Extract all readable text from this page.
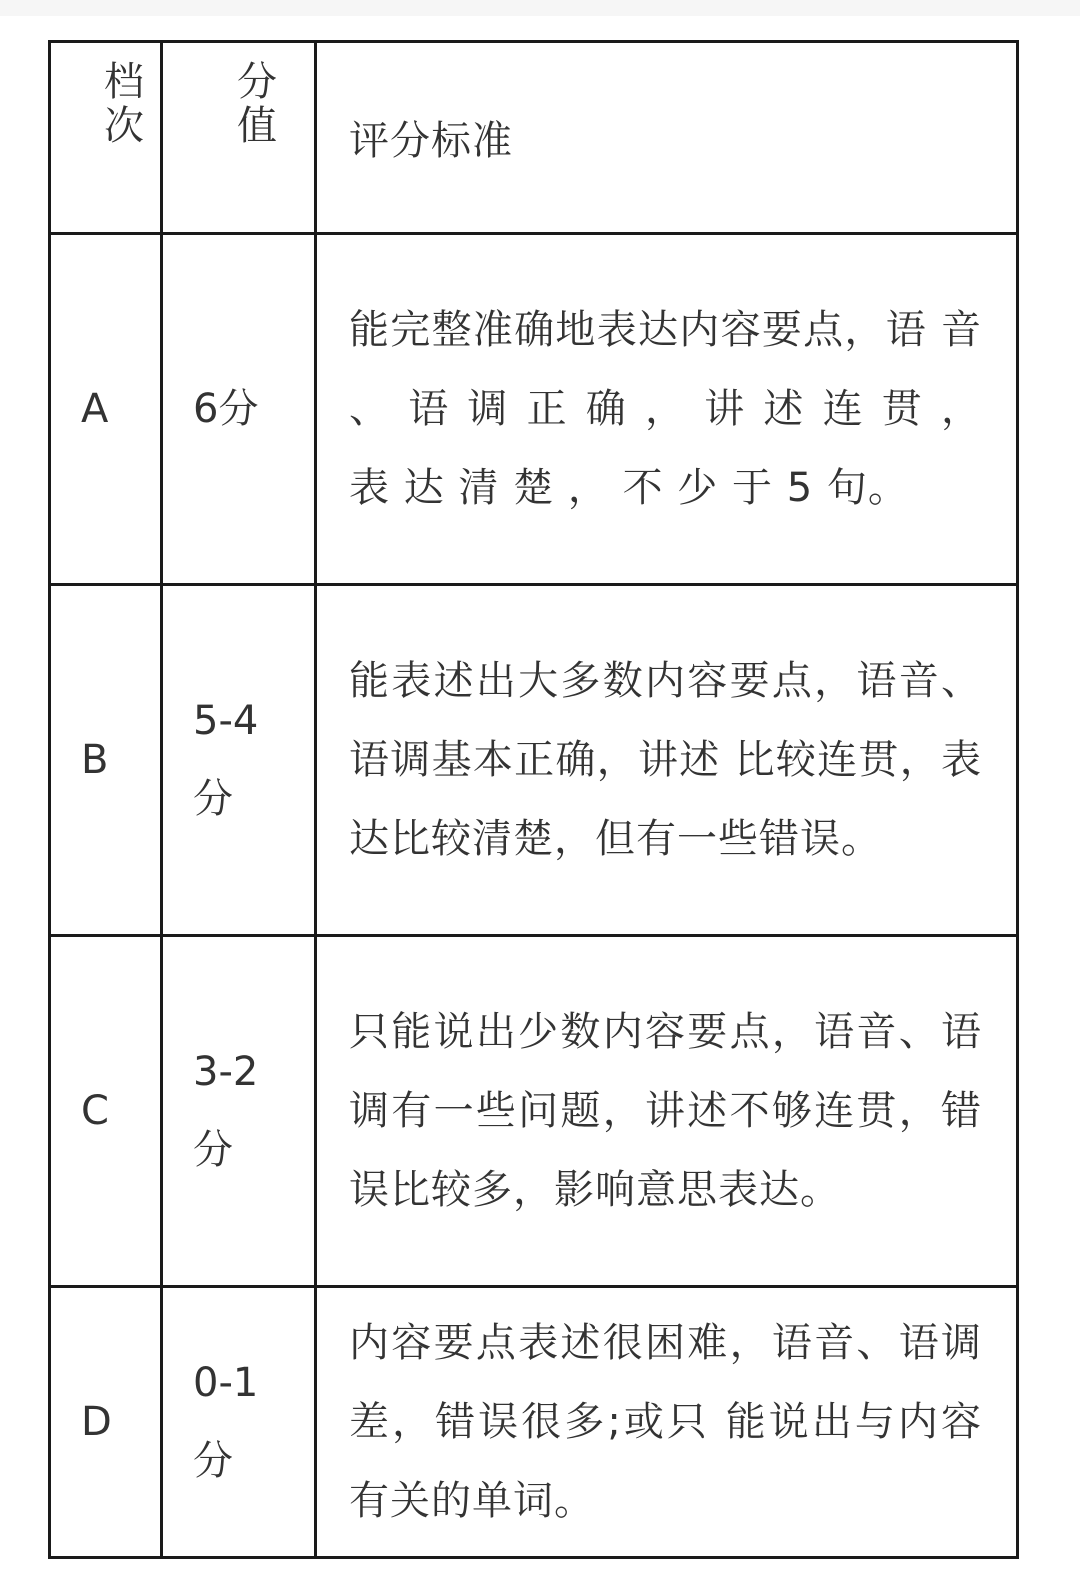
档次	分值	评分标准

A	6分	能完整准确地表达内容要点，语 音 、 语 调 正 确 ， 讲 述 连 贯 ， 表 达 清 楚 ， 不 少 于 5 句。

B	5-4 分	能表述出大多数内容要点，语音、语调基本正确，讲述 比较连贯，表达比较清楚，但有一些错误。

C	3-2 分	只能说出少数内容要点，语音、语调有一些问题，讲述不够连贯，错误比较多，影响意思表达。

D	0-1 分	内容要点表述很困难，语音、语调差，错误很多;或只 能说出与内容有关的单词。
